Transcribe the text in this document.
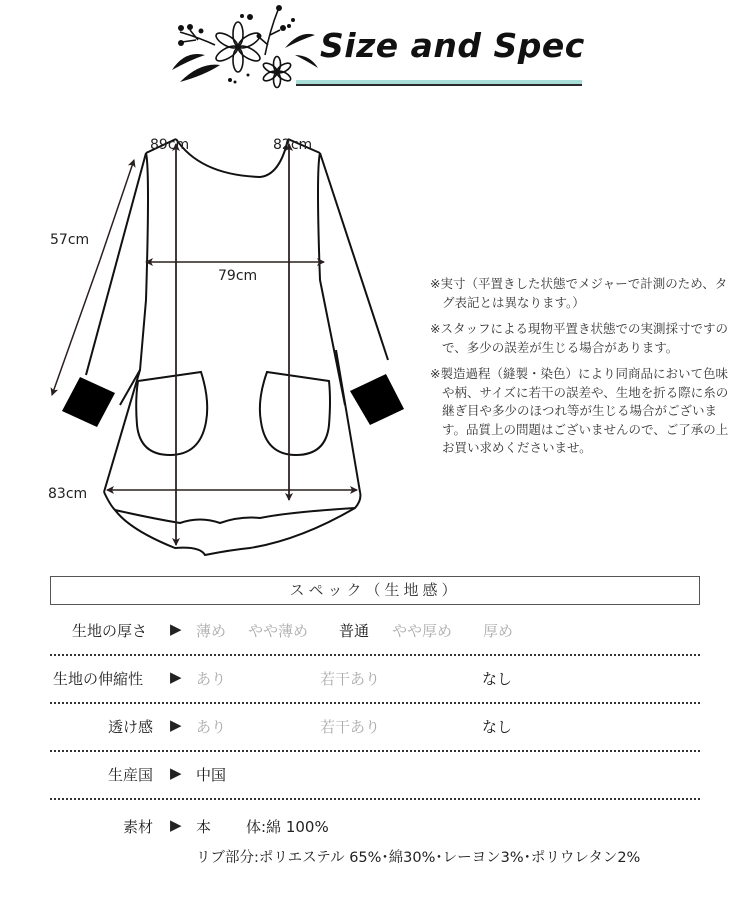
Size and Spec
89cm	82cm
57cm
79cm
83cm

※実寸（平置きした状態でメジャーで計測のため、タグ表記とは異なります。）

※スタッフによる現物平置き状態での実測採寸ですので、多少の誤差が生じる場合があります。

※製造過程（縫製・染色）により同商品において色味や柄、サイズに若干の誤差や、生地を折る際に糸の継ぎ目や多少のほつれ等が生じる場合がございます。品質上の問題はございませんので、ご了承の上お買い求めくださいませ。

スペック（生地感）
生地の厚さ ▶ 薄め やや薄め 普通 やや厚め 厚め
生地の伸縮性 ▶ あり	若干あり	なし
透け感 ▶ あり	若干あり	なし
生産国 ▶ 中国
素材 ▶ 本 体:綿 100%
リブ部分:ポリエステル 65%･綿30%･レーヨン3%･ポリウレタン2%
